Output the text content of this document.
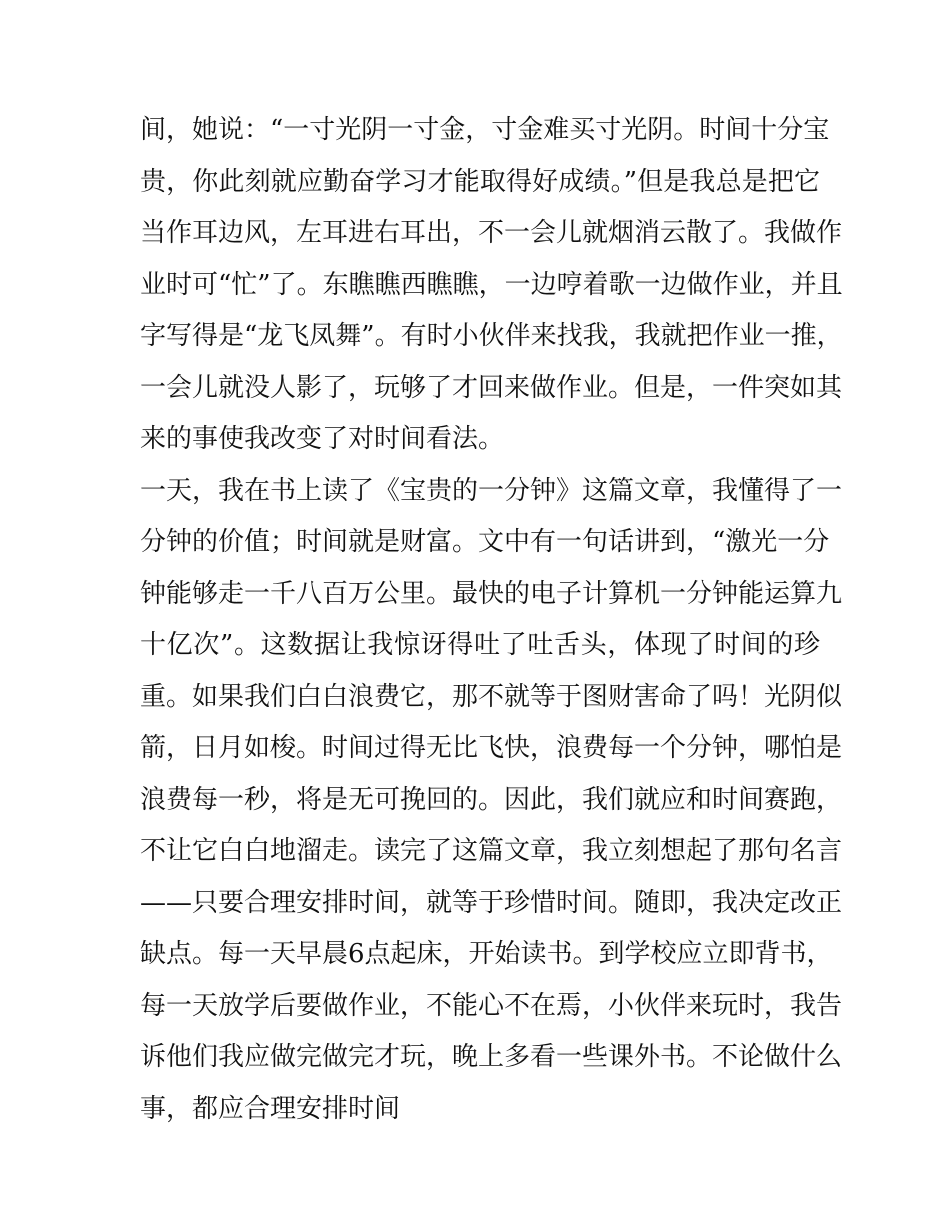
间，她说：“一寸光阴一寸金，寸金难买寸光阴。时间十分宝
贵，你此刻就应勤奋学习才能取得好成绩。”但是我总是把它
当作耳边风，左耳进右耳出，不一会儿就烟消云散了。我做作
业时可“忙”了。东瞧瞧西瞧瞧，一边哼着歌一边做作业，并且
字写得是“龙飞凤舞”。有时小伙伴来找我，我就把作业一推，
一会儿就没人影了，玩够了才回来做作业。但是，一件突如其
来的事使我改变了对时间看法。
一天，我在书上读了《宝贵的一分钟》这篇文章，我懂得了一
分钟的价值；时间就是财富。文中有一句话讲到，“激光一分
钟能够走一千八百万公里。最快的电子计算机一分钟能运算九
十亿次”。这数据让我惊讶得吐了吐舌头，体现了时间的珍
重。如果我们白白浪费它，那不就等于图财害命了吗！光阴似
箭，日月如梭。时间过得无比飞快，浪费每一个分钟，哪怕是
浪费每一秒，将是无可挽回的。因此，我们就应和时间赛跑，
不让它白白地溜走。读完了这篇文章，我立刻想起了那句名言
——只要合理安排时间，就等于珍惜时间。随即，我决定改正
缺点。每一天早晨6点起床，开始读书。到学校应立即背书，
每一天放学后要做作业，不能心不在焉，小伙伴来玩时，我告
诉他们我应做完做完才玩，晚上多看一些课外书。不论做什么
事，都应合理安排时间
